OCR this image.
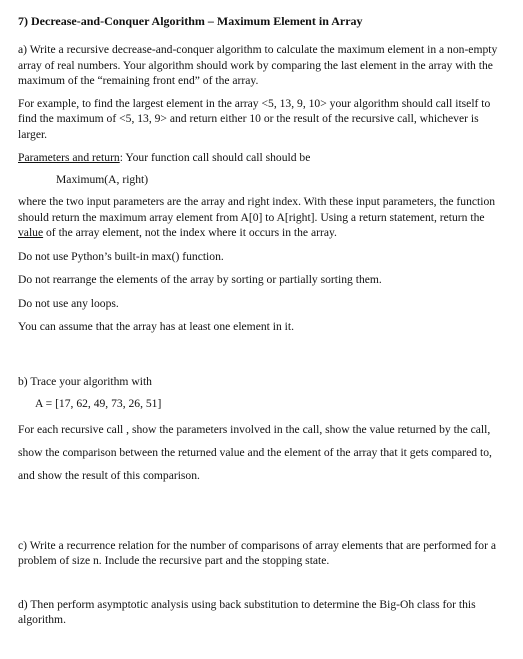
7) Decrease-and-Conquer Algorithm – Maximum Element in Array

a) Write a recursive decrease-and-conquer algorithm to calculate the maximum element in a non-empty array of real numbers. Your algorithm should work by comparing the last element in the array with the maximum of the “remaining front end” of the array.

For example, to find the largest element in the array <5, 13, 9, 10> your algorithm should call itself to find the maximum of <5, 13, 9> and return either 10 or the result of the recursive call, whichever is larger.

Parameters and return: Your function call should call should be

Maximum(A, right)

where the two input parameters are the array and right index. With these input parameters, the function should return the maximum array element from A[0] to A[right]. Using a return statement, return the value of the array element, not the index where it occurs in the array.

Do not use Python’s built-in max() function.

Do not rearrange the elements of the array by sorting or partially sorting them.

Do not use any loops.

You can assume that the array has at least one element in it.

b) Trace your algorithm with

A = [17, 62, 49, 73, 26, 51]

For each recursive call , show the parameters involved in the call, show the value returned by the call, show the comparison between the returned value and the element of the array that it gets compared to, and show the result of this comparison.

c) Write a recurrence relation for the number of comparisons of array elements that are performed for a problem of size n. Include the recursive part and the stopping state.

d) Then perform asymptotic analysis using back substitution to determine the Big-Oh class for this algorithm.
